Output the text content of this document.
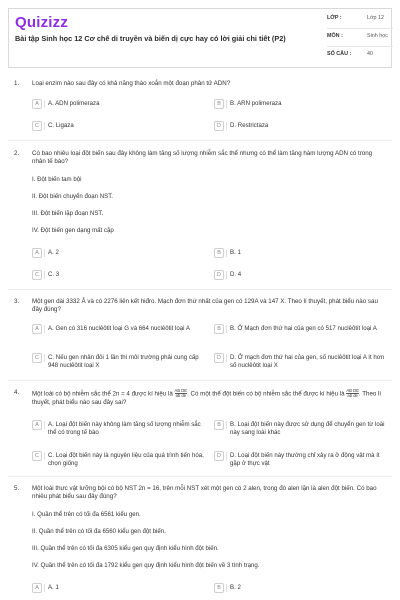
Quizizz
Bài tập Sinh học 12 Cơ chế di truyền và biến dị cực hay có lời giải chi tiết (P2)
LỚP :	Lớp 12
MÔN :	Sinh học
SỐ CÂU :	40
1.	Loại enzim nào sau đây có khả năng tháo xoắn một đoạn phân tử ADN?
A	A. ADN polimeraza	B	B. ARN polimeraza
C	C. Ligaza	D	D. Restrictaza
2.	Có bao nhiêu loại đột biến sau đây không làm tăng số lượng nhiễm sắc thể nhưng có thể làm tăng hàm lượng ADN có trong nhân tế bào?
I. Đột biến tam bội
II. Đột biến chuyển đoạn NST.
III. Đột biến lặp đoạn NST.
IV. Đột biến gen dạng mất cặp
A	A. 2	B	B. 1
C	C. 3	D	D. 4
3.	Một gen dài 3332 Å và có 2276 liên kết hiđro. Mạch đơn thứ nhất của gen có 129A và 147 X. Theo lí thuyết, phát biểu nào sau đây đúng?
A	A. Gen có 316 nuclêôtit loại G và 664 nuclêôtit loại A	B	B. Ở Mạch đơn thứ hai của gen có 517 nuclêôtit loại A
C	C. Nếu gen nhân đôi 1 lần thì môi trường phải cung cấp 948 nuclêôtit loại X
D	D. Ở mạch đơn thứ hai của gen, số nuclêôtit loại A ít hơn số nuclêôtit loại X
4.	Một loài có bộ nhiễm sắc thể 2n = 4 được kí hiệu là $\frac{\text{AB DE}}{\text{ab de}}$ . Có một thể đột biến có bộ nhiễm sắc thể được kí hiệu là $\frac{\text{AB DE}}{\text{ab de}}$ . Theo lí thuyết, phát biểu nào sau đây sai?
A	A. Loại đột biến này không làm tăng số lượng nhiễm sắc thể có trong tế bào
B	B. Loại đột biến này được sử dụng để chuyển gen từ loài này sang loài khác
C	C. Loại đột biến này là nguyên liệu của quá trình tiến hóa, chọn giống
D	D. Loại đột biến này thường chỉ xảy ra ở động vật mà ít gặp ở thực vật
5.	Một loài thực vật lưỡng bội có bộ NST 2n = 16, trên mỗi NST xét một gen có 2 alen, trong đó alen lặn là alen đột biến. Có bao nhiêu phát biểu sau đây đúng?
I. Quần thể trên có tối đa 6561 kiểu gen.
II. Quần thể trên có tối đa 6560 kiểu gen đột biến.
III. Quần thể trên có tối đa 6305 kiểu gen quy định kiểu hình đột biến.
IV. Quần thể trên có tối đa 1792 kiểu gen quy định kiểu hình đột biến về 3 tính trạng.
A	A. 1	B	B. 2
